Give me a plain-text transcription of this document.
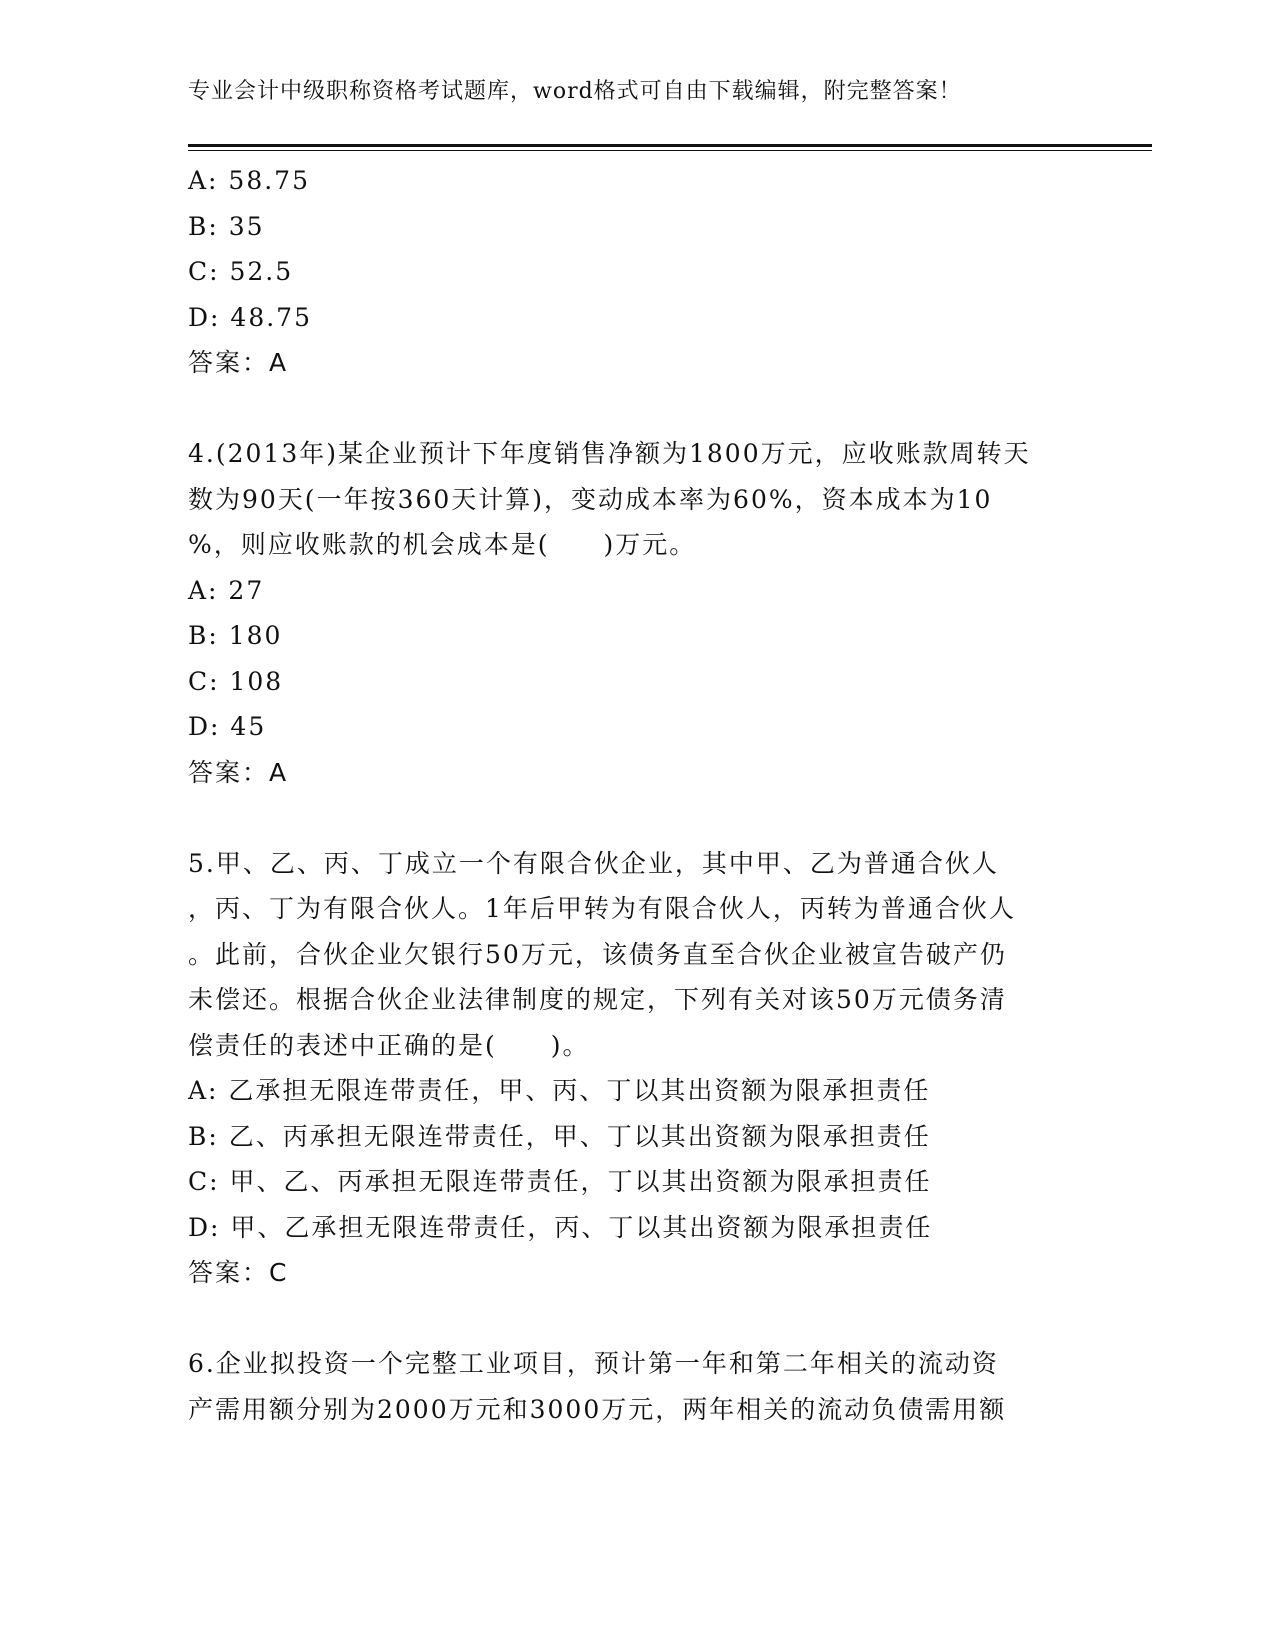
专业会计中级职称资格考试题库，word格式可自由下载编辑，附完整答案！
A: 58.75
B: 35
C: 52.5
D: 48.75
答案：A
4.(2013年)某企业预计下年度销售净额为1800万元，应收账款周转天
数为90天(一年按360天计算)，变动成本率为60%，资本成本为10
%，则应收账款的机会成本是(　　)万元。
A: 27
B: 180
C: 108
D: 45
答案：A
5.甲、乙、丙、丁成立一个有限合伙企业，其中甲、乙为普通合伙人
，丙、丁为有限合伙人。1年后甲转为有限合伙人，丙转为普通合伙人
。此前，合伙企业欠银行50万元，该债务直至合伙企业被宣告破产仍
未偿还。根据合伙企业法律制度的规定，下列有关对该50万元债务清
偿责任的表述中正确的是(　　)。
A: 乙承担无限连带责任，甲、丙、丁以其出资额为限承担责任
B: 乙、丙承担无限连带责任，甲、丁以其出资额为限承担责任
C: 甲、乙、丙承担无限连带责任，丁以其出资额为限承担责任
D: 甲、乙承担无限连带责任，丙、丁以其出资额为限承担责任
答案：C
6.企业拟投资一个完整工业项目，预计第一年和第二年相关的流动资
产需用额分别为2000万元和3000万元，两年相关的流动负债需用额
